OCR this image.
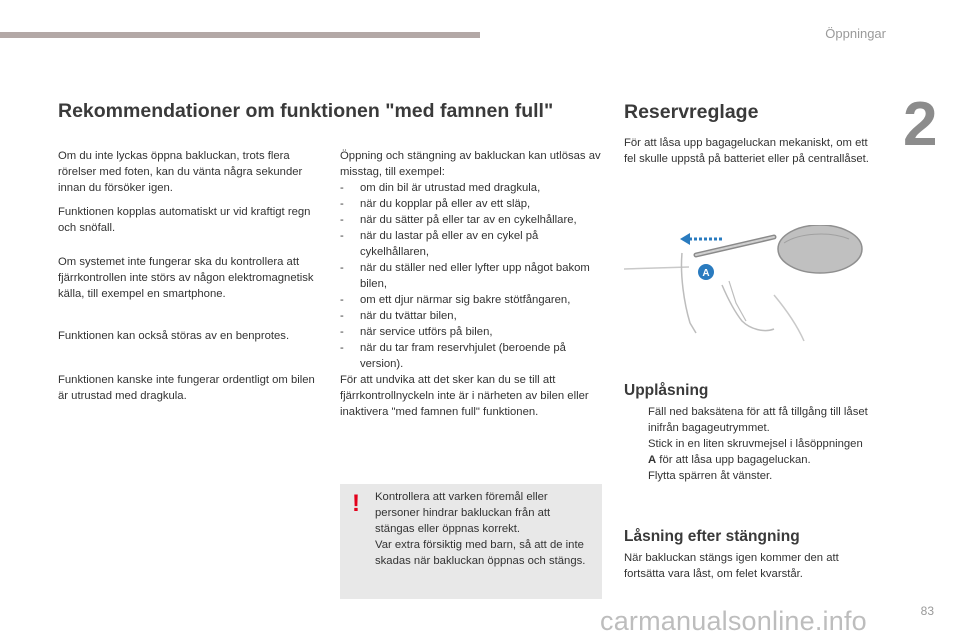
Öppningar
2
Rekommendationer om funktionen "med famnen full"

Om du inte lyckas öppna bakluckan, trots flera rörelser med foten, kan du vänta några sekunder innan du försöker igen.

Funktionen kopplas automatiskt ur vid kraftigt regn och snöfall.

Om systemet inte fungerar ska du kontrollera att fjärrkontrollen inte störs av någon elektromagnetisk källa, till exempel en smartphone.

Funktionen kan också störas av en benprotes.

Funktionen kanske inte fungerar ordentligt om bilen är utrustad med dragkula.

Öppning och stängning av bakluckan kan utlösas av misstag, till exempel:

- om din bil är utrustad med dragkula,
- när du kopplar på eller av ett släp,
- när du sätter på eller tar av en cykelhållare,
- när du lastar på eller av en cykel på cykelhållaren,
- när du ställer ned eller lyfter upp något bakom bilen,
- om ett djur närmar sig bakre stötfångaren,
- när du tvättar bilen,
- när service utförs på bilen,
- när du tar fram reservhjulet (beroende på version).

För att undvika att det sker kan du se till att fjärrkontrollnyckeln inte är i närheten av bilen eller inaktivera "med famnen full" funktionen.

! Kontrollera att varken föremål eller personer hindrar bakluckan från att stängas eller öppnas korrekt.
Var extra försiktig med barn, så att de inte skadas när bakluckan öppnas och stängs.
Reservreglage
För att låsa upp bagageluckan mekaniskt, om ett fel skulle uppstå på batteriet eller på centrallåset.
A
Upplåsning
Fäll ned baksätena för att få tillgång till låset inifrån bagageutrymmet.
Stick in en liten skruvmejsel i låsöppningen A för att låsa upp bagageluckan.
Flytta spärren åt vänster.
Låsning efter stängning
När bakluckan stängs igen kommer den att fortsätta vara låst, om felet kvarstår.
carmanualsonline.info	83
